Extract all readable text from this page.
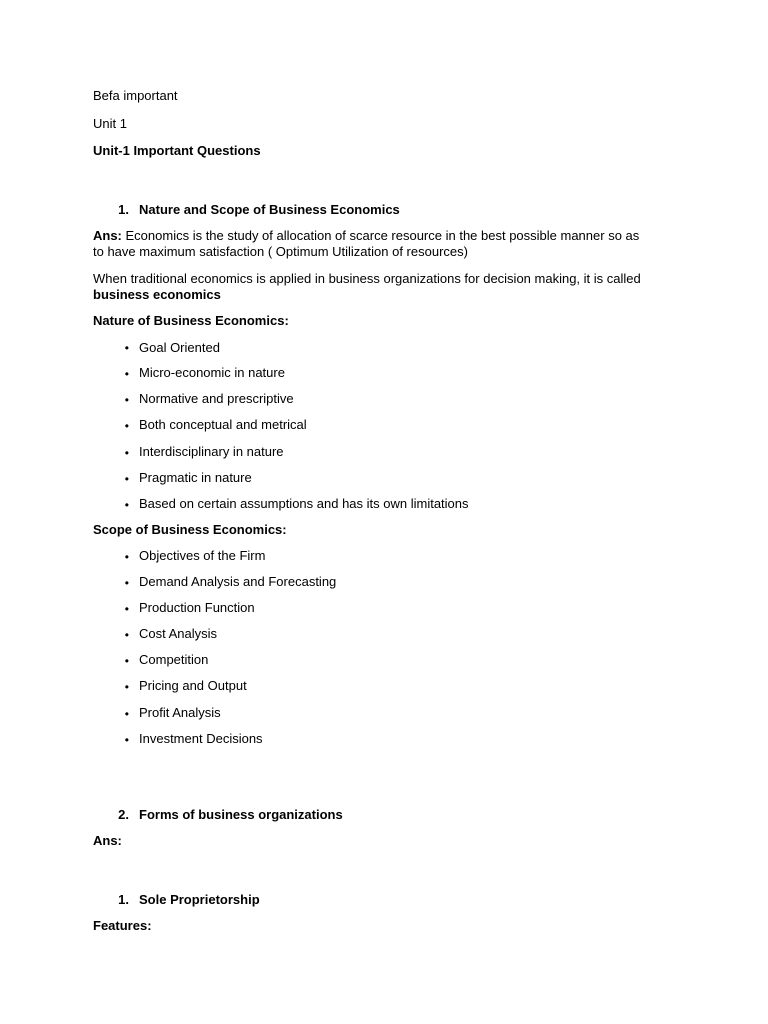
Befa important

Unit 1

Unit-1 Important Questions

1. Nature and Scope of Business Economics

Ans: Economics is the study of allocation of scarce resource in the best possible manner so as to have maximum satisfaction ( Optimum Utilization of resources)

When traditional economics is applied in business organizations for decision making, it is called business economics

Nature of Business Economics:

• Goal Oriented
• Micro-economic in nature
• Normative and prescriptive
• Both conceptual and metrical
• Interdisciplinary in nature
• Pragmatic in nature
• Based on certain assumptions and has its own limitations

Scope of Business Economics:

• Objectives of the Firm
• Demand Analysis and Forecasting
• Production Function
• Cost Analysis
• Competition
• Pricing and Output
• Profit Analysis
• Investment Decisions
2. Forms of business organizations

Ans:

1. Sole Proprietorship

Features:
